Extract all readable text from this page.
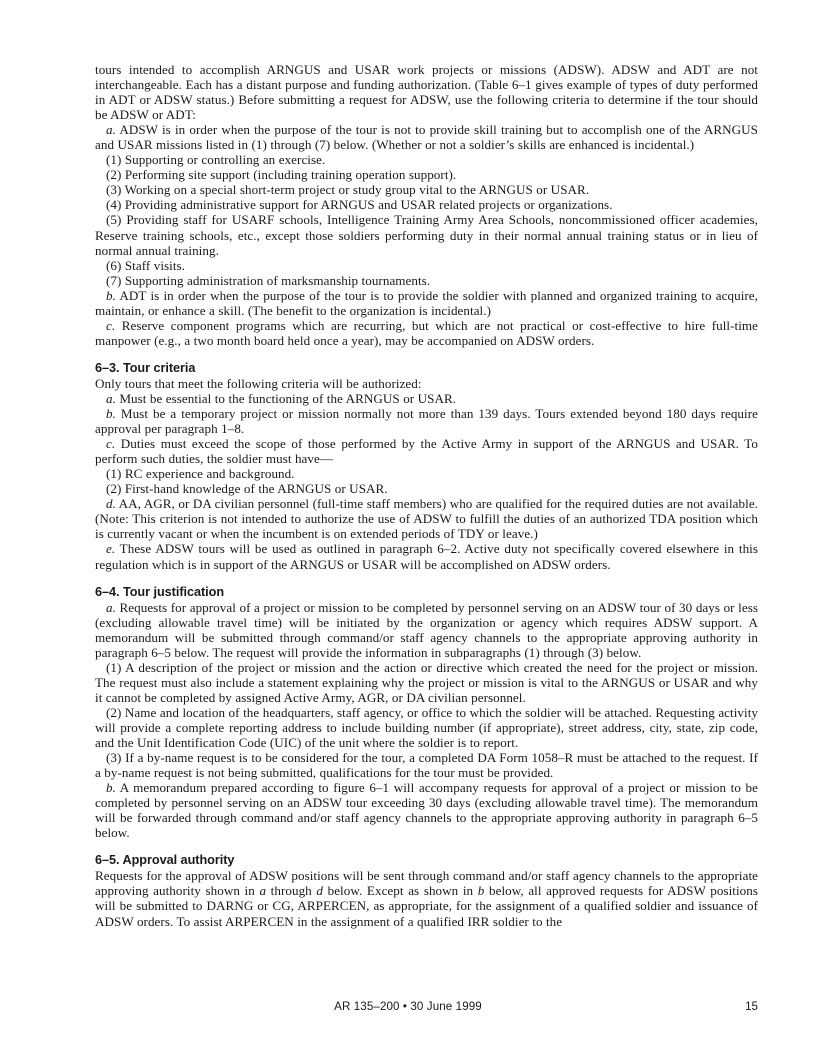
tours intended to accomplish ARNGUS and USAR work projects or missions (ADSW). ADSW and ADT are not interchangeable. Each has a distant purpose and funding authorization. (Table 6–1 gives example of types of duty performed in ADT or ADSW status.) Before submitting a request for ADSW, use the following criteria to determine if the tour should be ADSW or ADT:

a. ADSW is in order when the purpose of the tour is not to provide skill training but to accomplish one of the ARNGUS and USAR missions listed in (1) through (7) below. (Whether or not a soldier’s skills are enhanced is incidental.)

(1) Supporting or controlling an exercise.

(2) Performing site support (including training operation support).

(3) Working on a special short-term project or study group vital to the ARNGUS or USAR.

(4) Providing administrative support for ARNGUS and USAR related projects or organizations.

(5) Providing staff for USARF schools, Intelligence Training Army Area Schools, noncommissioned officer academies, Reserve training schools, etc., except those soldiers performing duty in their normal annual training status or in lieu of normal annual training.

(6) Staff visits.

(7) Supporting administration of marksmanship tournaments.

b. ADT is in order when the purpose of the tour is to provide the soldier with planned and organized training to acquire, maintain, or enhance a skill. (The benefit to the organization is incidental.)

c. Reserve component programs which are recurring, but which are not practical or cost-effective to hire full-time manpower (e.g., a two month board held once a year), may be accompanied on ADSW orders.

6–3. Tour criteria

Only tours that meet the following criteria will be authorized:

a. Must be essential to the functioning of the ARNGUS or USAR.

b. Must be a temporary project or mission normally not more than 139 days. Tours extended beyond 180 days require approval per paragraph 1–8.

c. Duties must exceed the scope of those performed by the Active Army in support of the ARNGUS and USAR. To perform such duties, the soldier must have—

(1) RC experience and background.

(2) First-hand knowledge of the ARNGUS or USAR.

d. AA, AGR, or DA civilian personnel (full-time staff members) who are qualified for the required duties are not available. (Note: This criterion is not intended to authorize the use of ADSW to fulfill the duties of an authorized TDA position which is currently vacant or when the incumbent is on extended periods of TDY or leave.)

e. These ADSW tours will be used as outlined in paragraph 6–2. Active duty not specifically covered elsewhere in this regulation which is in support of the ARNGUS or USAR will be accomplished on ADSW orders.

6–4. Tour justification

a. Requests for approval of a project or mission to be completed by personnel serving on an ADSW tour of 30 days or less (excluding allowable travel time) will be initiated by the organization or agency which requires ADSW support. A memorandum will be submitted through command/or staff agency channels to the appropriate approving authority in paragraph 6–5 below. The request will provide the information in subparagraphs (1) through (3) below.

(1) A description of the project or mission and the action or directive which created the need for the project or mission. The request must also include a statement explaining why the project or mission is vital to the ARNGUS or USAR and why it cannot be completed by assigned Active Army, AGR, or DA civilian personnel.

(2) Name and location of the headquarters, staff agency, or office to which the soldier will be attached. Requesting activity will provide a complete reporting address to include building number (if appropriate), street address, city, state, zip code, and the Unit Identification Code (UIC) of the unit where the soldier is to report.

(3) If a by-name request is to be considered for the tour, a completed DA Form 1058–R must be attached to the request. If a by-name request is not being submitted, qualifications for the tour must be provided.

b. A memorandum prepared according to figure 6–1 will accompany requests for approval of a project or mission to be completed by personnel serving on an ADSW tour exceeding 30 days (excluding allowable travel time). The memorandum will be forwarded through command and/or staff agency channels to the appropriate approving authority in paragraph 6–5 below.

6–5. Approval authority

Requests for the approval of ADSW positions will be sent through command and/or staff agency channels to the appropriate approving authority shown in a through d below. Except as shown in b below, all approved requests for ADSW positions will be submitted to DARNG or CG, ARPERCEN, as appropriate, for the assignment of a qualified soldier and issuance of ADSW orders. To assist ARPERCEN in the assignment of a qualified IRR soldier to the

AR 135–200 • 30 June 1999	15
